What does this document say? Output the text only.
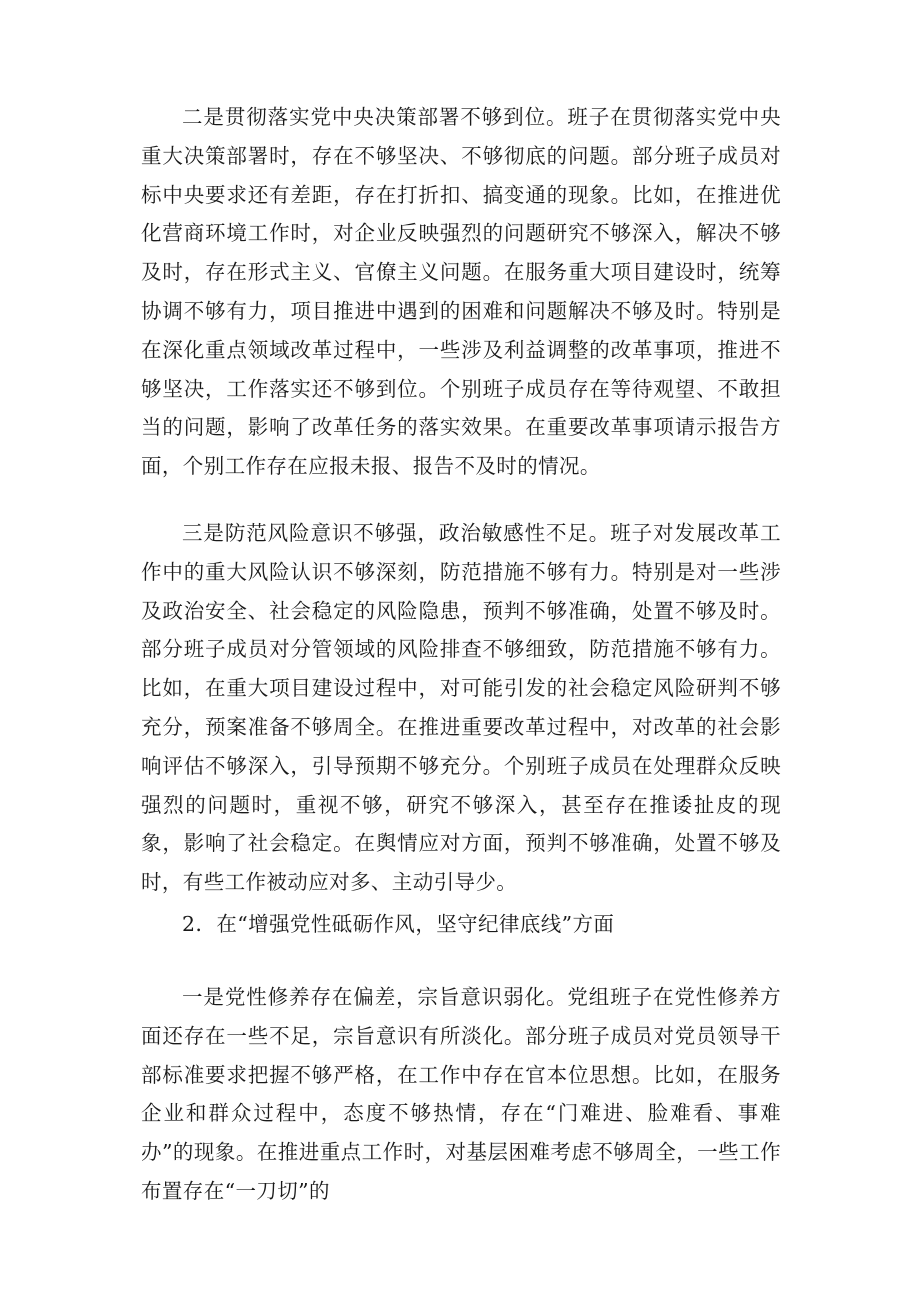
二是贯彻落实党中央决策部署不够到位。班子在贯彻落实党中央重大决策部署时，存在不够坚决、不够彻底的问题。部分班子成员对标中央要求还有差距，存在打折扣、搞变通的现象。比如，在推进优化营商环境工作时，对企业反映强烈的问题研究不够深入，解决不够及时，存在形式主义、官僚主义问题。在服务重大项目建设时，统筹协调不够有力，项目推进中遇到的困难和问题解决不够及时。特别是在深化重点领域改革过程中，一些涉及利益调整的改革事项，推进不够坚决，工作落实还不够到位。个别班子成员存在等待观望、不敢担当的问题，影响了改革任务的落实效果。在重要改革事项请示报告方面，个别工作存在应报未报、报告不及时的情况。

三是防范风险意识不够强，政治敏感性不足。班子对发展改革工作中的重大风险认识不够深刻，防范措施不够有力。特别是对一些涉及政治安全、社会稳定的风险隐患，预判不够准确，处置不够及时。部分班子成员对分管领域的风险排查不够细致，防范措施不够有力。比如，在重大项目建设过程中，对可能引发的社会稳定风险研判不够充分，预案准备不够周全。在推进重要改革过程中，对改革的社会影响评估不够深入，引导预期不够充分。个别班子成员在处理群众反映强烈的问题时，重视不够，研究不够深入，甚至存在推诿扯皮的现象，影响了社会稳定。在舆情应对方面，预判不够准确，处置不够及时，有些工作被动应对多、主动引导少。

2．在“增强党性砥砺作风，坚守纪律底线”方面

一是党性修养存在偏差，宗旨意识弱化。党组班子在党性修养方面还存在一些不足，宗旨意识有所淡化。部分班子成员对党员领导干部标准要求把握不够严格，在工作中存在官本位思想。比如，在服务企业和群众过程中，态度不够热情，存在“门难进、脸难看、事难办”的现象。在推进重点工作时，对基层困难考虑不够周全，一些工作布置存在“一刀切”的
